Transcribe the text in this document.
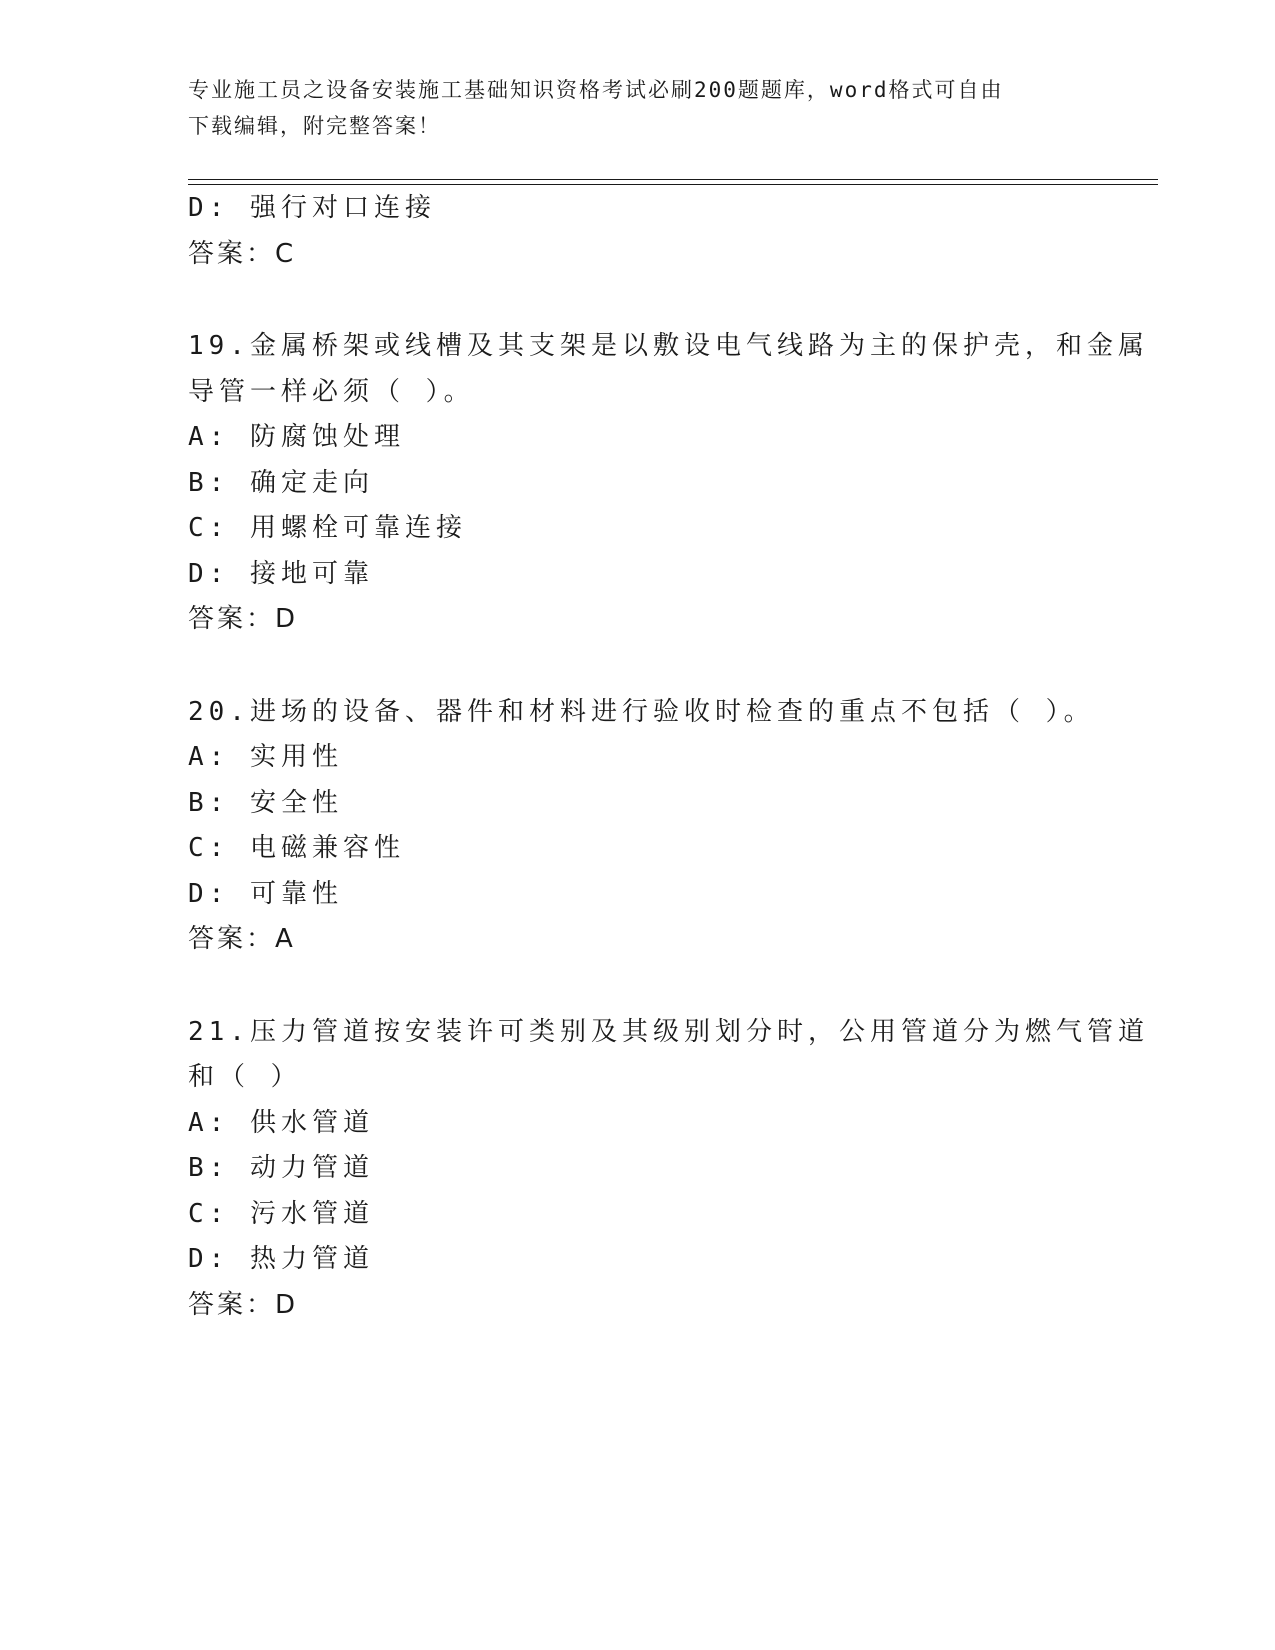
专业施工员之设备安装施工基础知识资格考试必刷200题题库，word格式可自由
下载编辑，附完整答案！
D: 强行对口连接
答案：C
19.金属桥架或线槽及其支架是以敷设电气线路为主的保护壳，和金属
导管一样必须（ ）。
A: 防腐蚀处理
B: 确定走向
C: 用螺栓可靠连接
D: 接地可靠
答案：D
20.进场的设备、器件和材料进行验收时检查的重点不包括（ ）。
A: 实用性
B: 安全性
C: 电磁兼容性
D: 可靠性
答案：A
21.压力管道按安装许可类别及其级别划分时，公用管道分为燃气管道
和（ ）
A: 供水管道
B: 动力管道
C: 污水管道
D: 热力管道
答案：D
